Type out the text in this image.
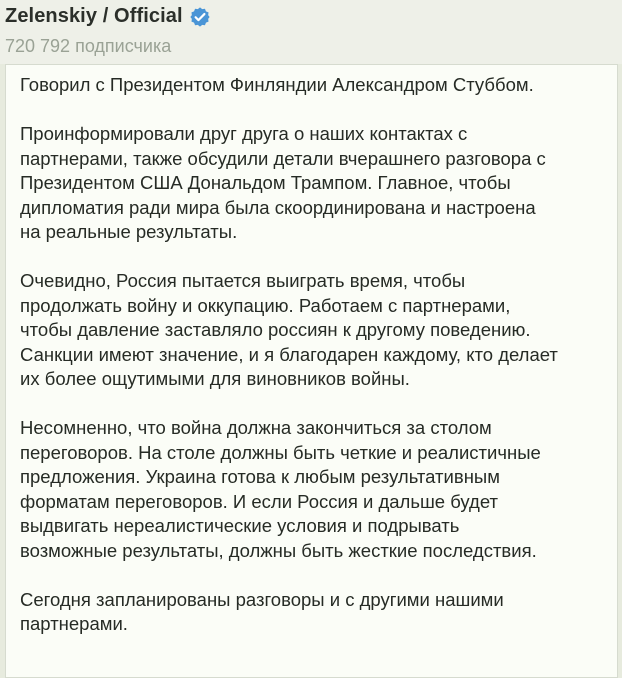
Zelenskiy / Official
720 792 подписчика

Говорил с Президентом Финляндии Александром Стуббом.

Проинформировали друг друга о наших контактах с
партнерами, также обсудили детали вчерашнего разговора с
Президентом США Дональдом Трампом. Главное, чтобы
дипломатия ради мира была скоординирована и настроена
на реальные результаты.

Очевидно, Россия пытается выиграть время, чтобы
продолжать войну и оккупацию. Работаем с партнерами,
чтобы давление заставляло россиян к другому поведению.
Санкции имеют значение, и я благодарен каждому, кто делает
их более ощутимыми для виновников войны.

Несомненно, что война должна закончиться за столом
переговоров. На столе должны быть четкие и реалистичные
предложения. Украина готова к любым результативным
форматам переговоров. И если Россия и дальше будет
выдвигать нереалистические условия и подрывать
возможные результаты, должны быть жесткие последствия.

Сегодня запланированы разговоры и с другими нашими
партнерами.
